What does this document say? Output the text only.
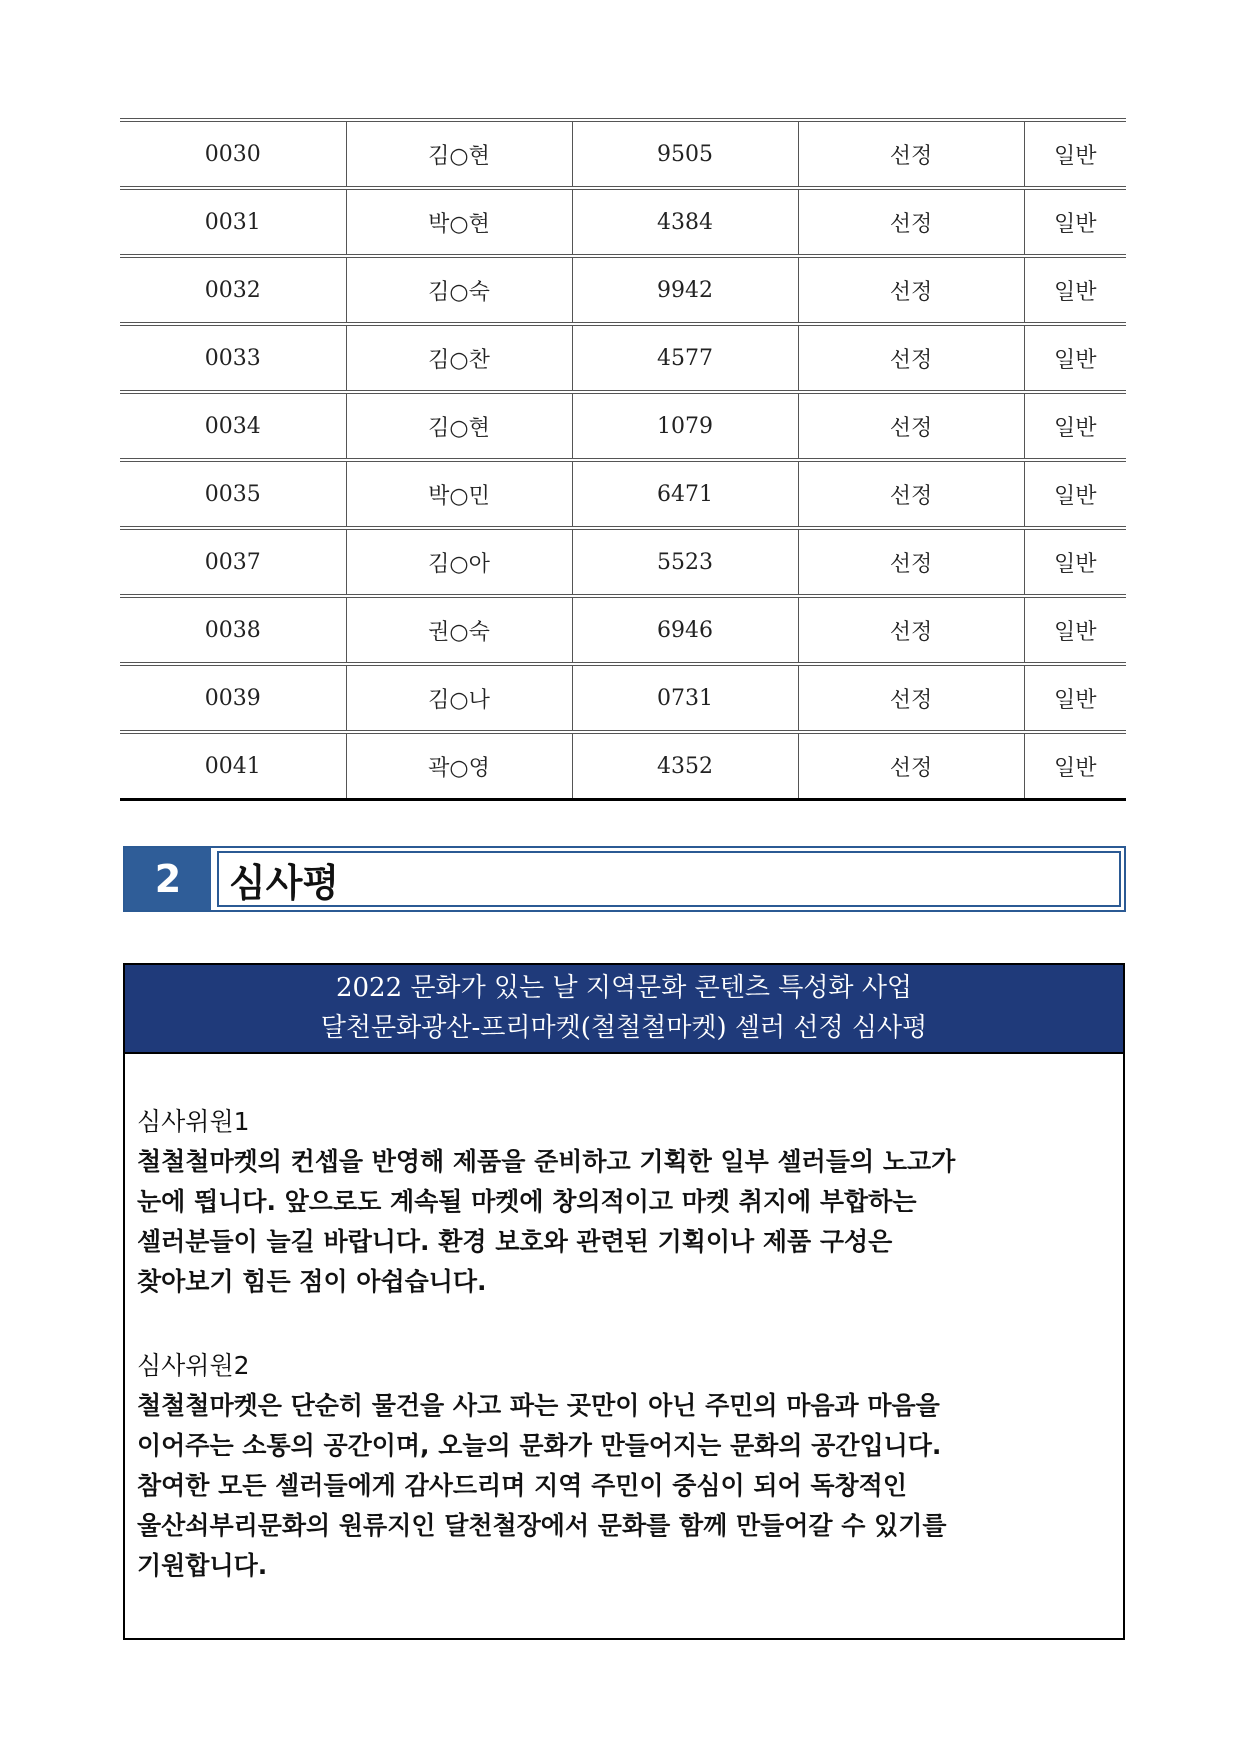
0030	김○현	9505	선정	일반
0031	박○현	4384	선정	일반
0032	김○숙	9942	선정	일반
0033	김○찬	4577	선정	일반
0034	김○현	1079	선정	일반
0035	박○민	6471	선정	일반
0037	김○아	5523	선정	일반
0038	권○숙	6946	선정	일반
0039	김○나	0731	선정	일반
0041	곽○영	4352	선정	일반
2	심사평
2022 문화가 있는 날 지역문화 콘텐츠 특성화 사업
달천문화광산-프리마켓(철철철마켓) 셀러 선정 심사평
심사위원1
철철철마켓의 컨셉을 반영해 제품을 준비하고 기획한 일부 셀러들의 노고가
눈에 띕니다. 앞으로도 계속될 마켓에 창의적이고 마켓 취지에 부합하는
셀러분들이 늘길 바랍니다. 환경 보호와 관련된 기획이나 제품 구성은
찾아보기 힘든 점이 아쉽습니다.
심사위원2
철철철마켓은 단순히 물건을 사고 파는 곳만이 아닌 주민의 마음과 마음을
이어주는 소통의 공간이며, 오늘의 문화가 만들어지는 문화의 공간입니다.
참여한 모든 셀러들에게 감사드리며 지역 주민이 중심이 되어 독창적인
울산쇠부리문화의 원류지인 달천철장에서 문화를 함께 만들어갈 수 있기를
기원합니다.
